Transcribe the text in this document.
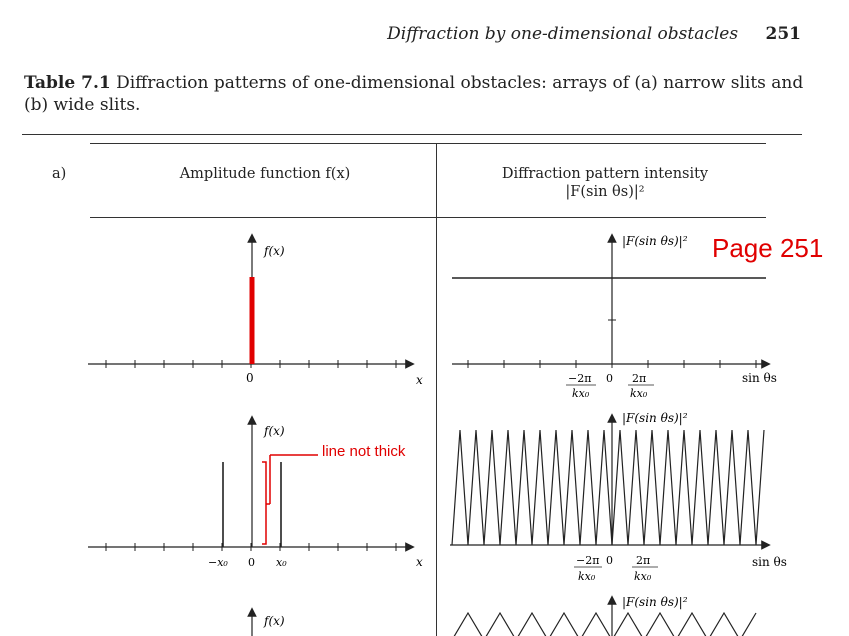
Diffraction by one-dimensional obstacles 251
Table 7.1 Diffraction patterns of one-dimensional obstacles: arrays of (a) narrow slits and (b) wide slits.
a)	Amplitude function f(x)	Diffraction pattern intensity
|F(sin θs)|²
f(x)
0	x
|F(sin θs)|²
−2π
kx₀
0 2π
kx₀
sin θs
f(x)
−x₀ 0 x₀	x
|F(sin θs)|²
−2π
kx₀
0 2π
kx₀
sin θs
f(x)
|F(sin θs)|²
Page 251
line not thick
